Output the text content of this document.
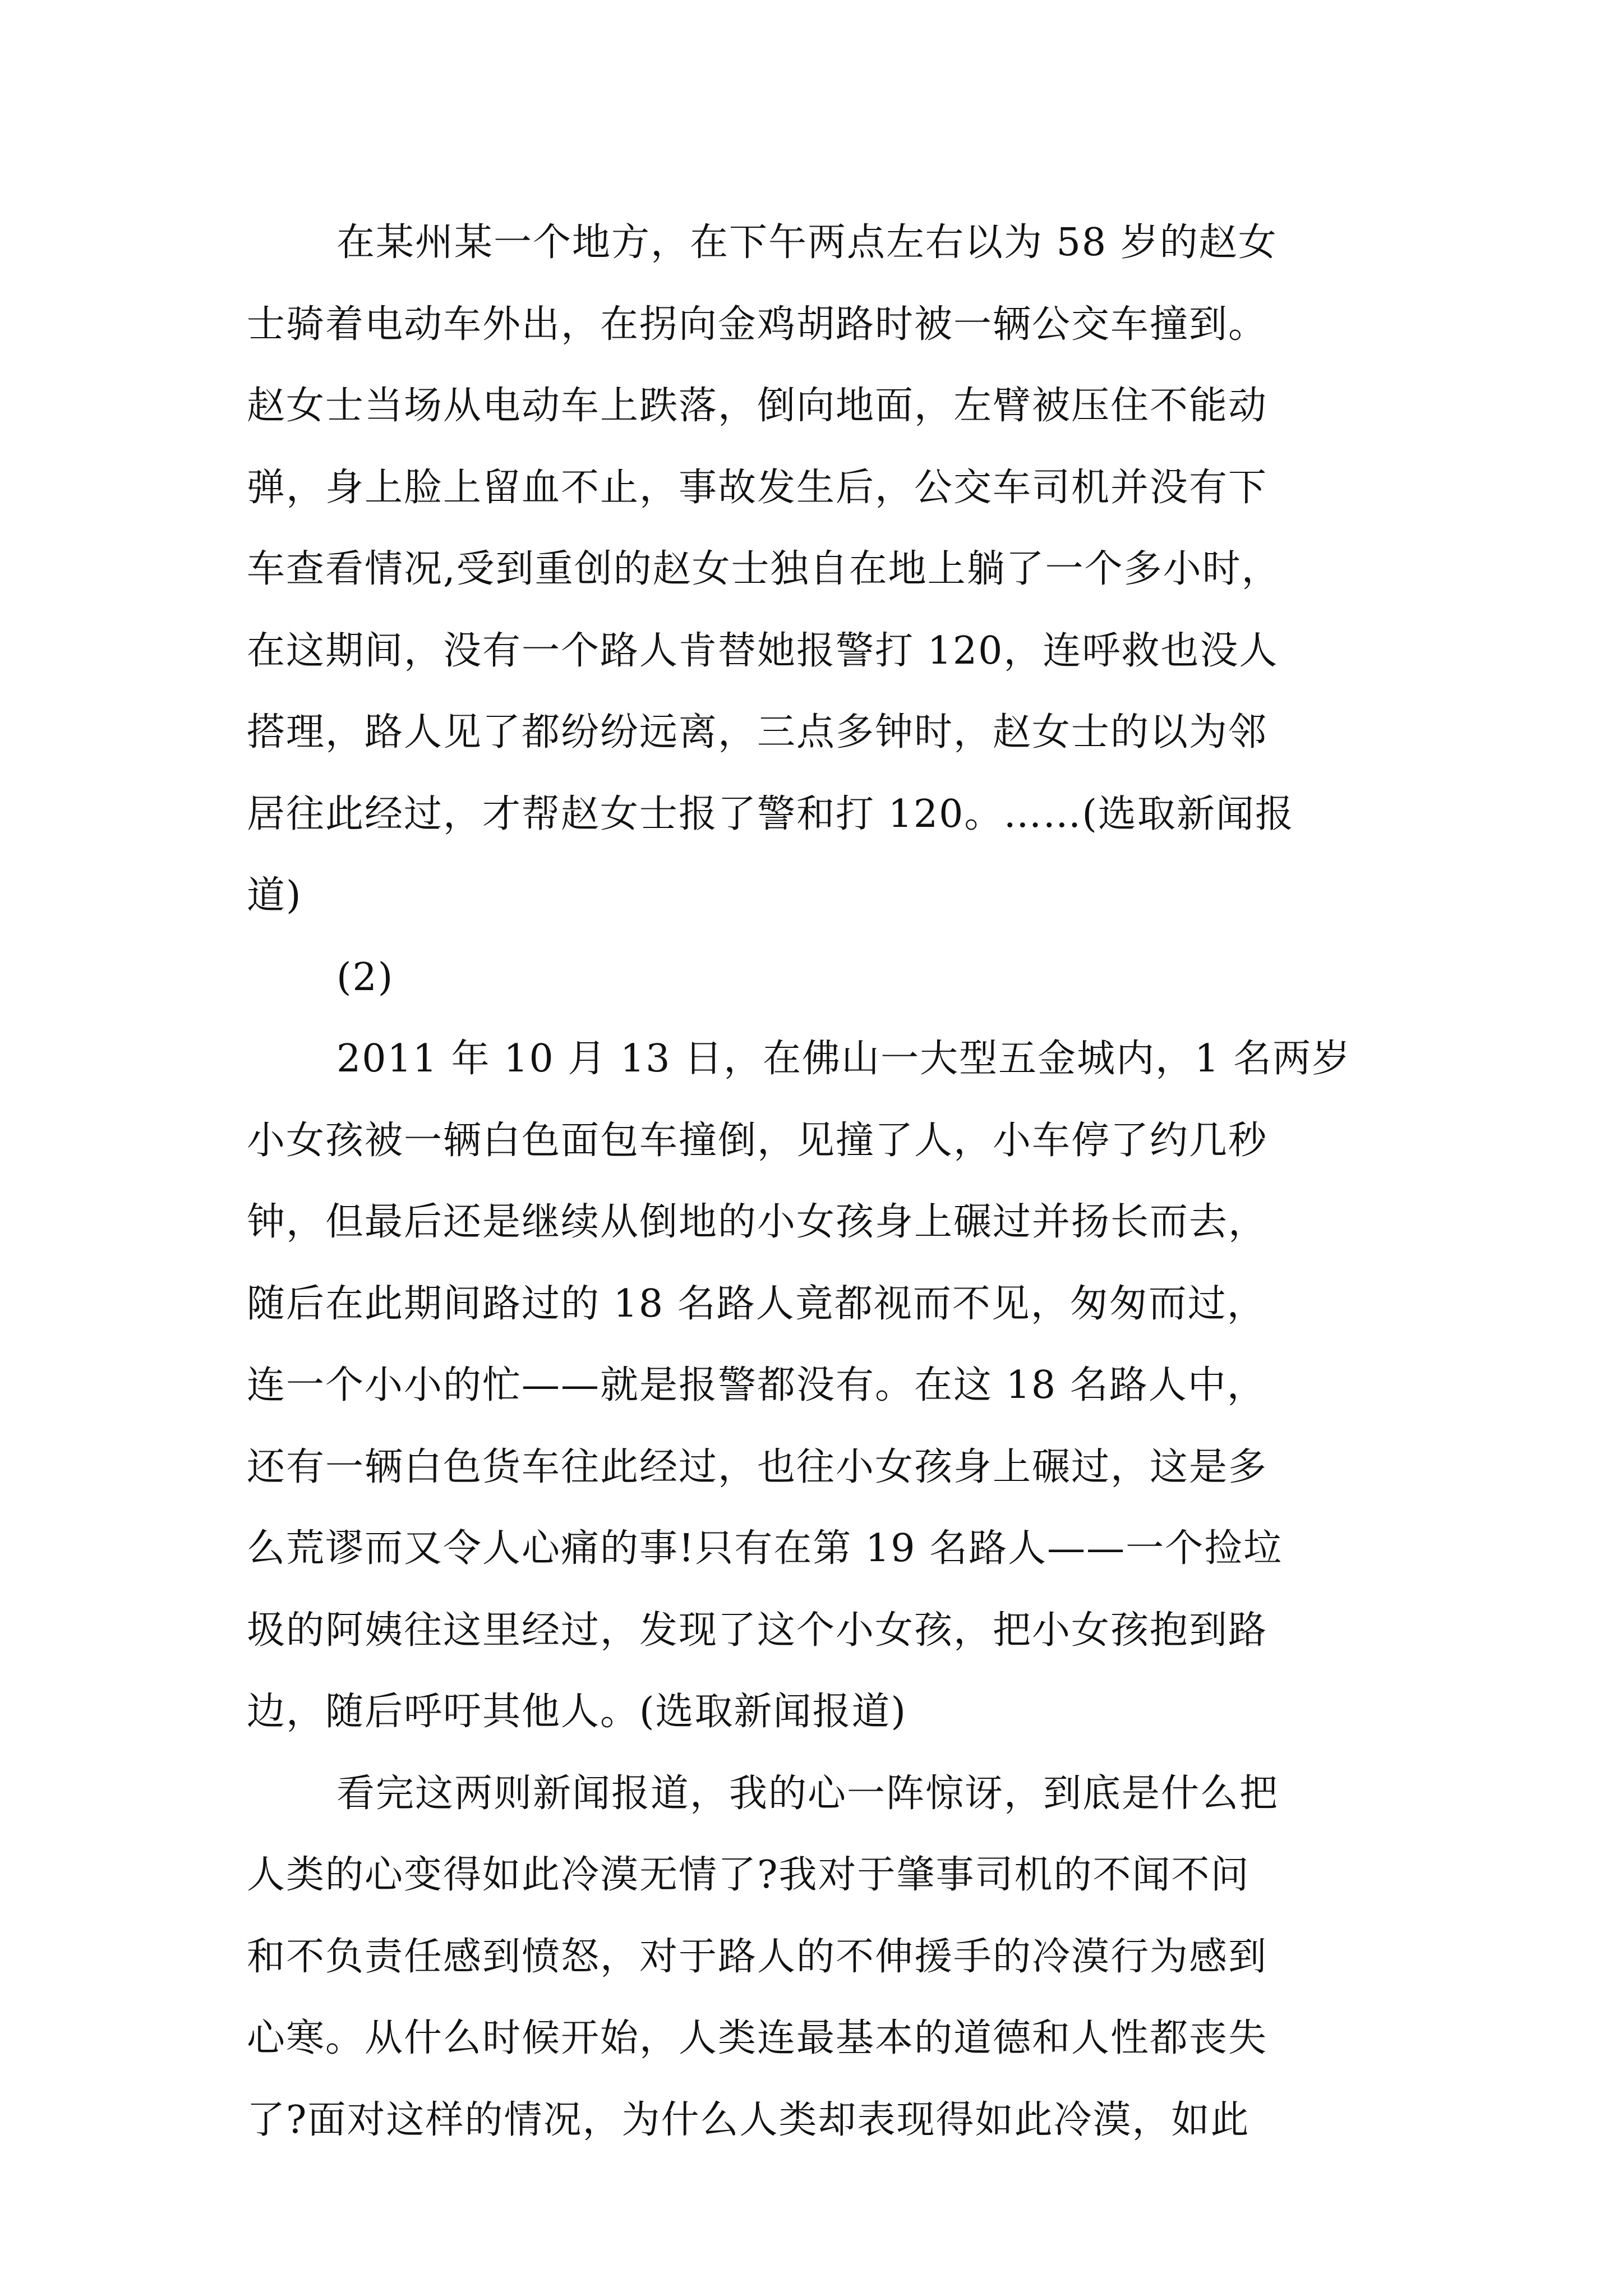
在某州某一个地方，在下午两点左右以为 58 岁的赵女
士骑着电动车外出，在拐向金鸡胡路时被一辆公交车撞到。
赵女士当场从电动车上跌落，倒向地面，左臂被压住不能动
弹，身上脸上留血不止，事故发生后，公交车司机并没有下
车查看情况,受到重创的赵女士独自在地上躺了一个多小时，
在这期间，没有一个路人肯替她报警打 120，连呼救也没人
搭理，路人见了都纷纷远离，三点多钟时，赵女士的以为邻
居往此经过，才帮赵女士报了警和打 120。……(选取新闻报
道)
(2)
2011 年 10 月 13 日，在佛山一大型五金城内，1 名两岁
小女孩被一辆白色面包车撞倒，见撞了人，小车停了约几秒
钟，但最后还是继续从倒地的小女孩身上碾过并扬长而去，
随后在此期间路过的 18 名路人竟都视而不见，匆匆而过，
连一个小小的忙——就是报警都没有。在这 18 名路人中，
还有一辆白色货车往此经过，也往小女孩身上碾过，这是多
么荒谬而又令人心痛的事!只有在第 19 名路人——一个捡垃
圾的阿姨往这里经过，发现了这个小女孩，把小女孩抱到路
边，随后呼吁其他人。(选取新闻报道)
看完这两则新闻报道，我的心一阵惊讶，到底是什么把
人类的心变得如此冷漠无情了?我对于肇事司机的不闻不问
和不负责任感到愤怒，对于路人的不伸援手的冷漠行为感到
心寒。从什么时候开始，人类连最基本的道德和人性都丧失
了?面对这样的情况，为什么人类却表现得如此冷漠，如此
